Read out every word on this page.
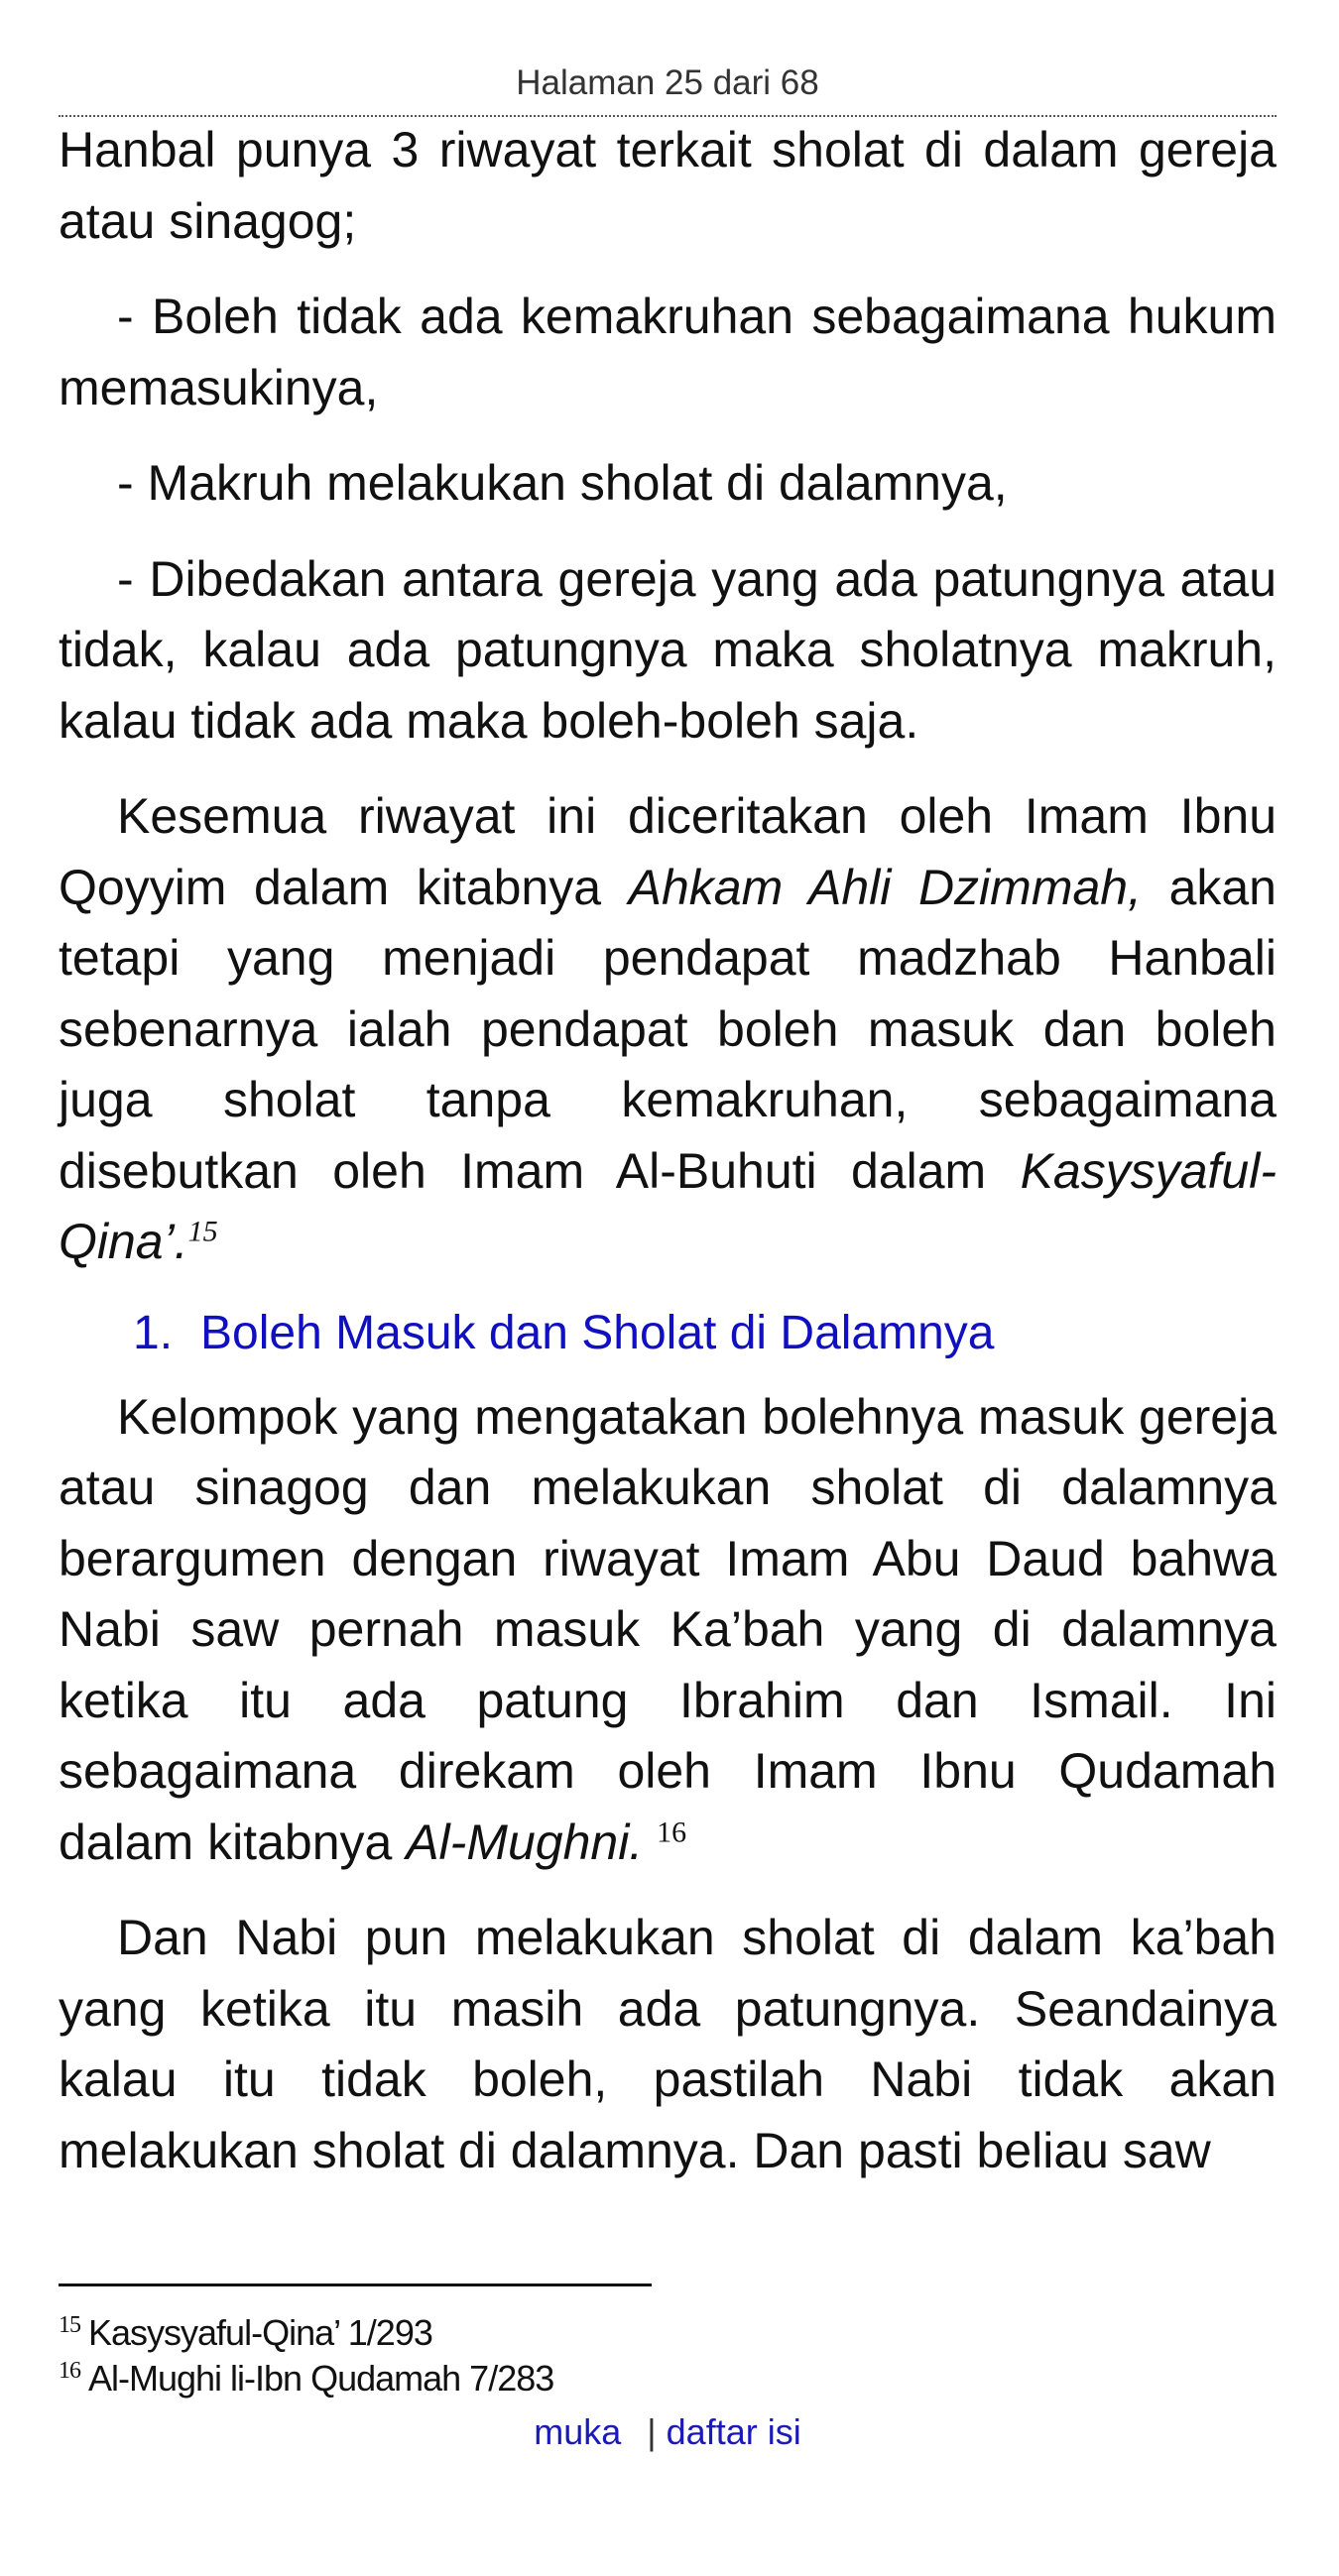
Halaman 25 dari 68

Hanbal punya 3 riwayat terkait sholat di dalam gereja atau sinagog;

- Boleh tidak ada kemakruhan sebagaimana hukum memasukinya,

- Makruh melakukan sholat di dalamnya,

- Dibedakan antara gereja yang ada patungnya atau tidak, kalau ada patungnya maka sholatnya makruh, kalau tidak ada maka boleh-boleh saja.

Kesemua riwayat ini diceritakan oleh Imam Ibnu Qoyyim dalam kitabnya Ahkam Ahli Dzimmah, akan tetapi yang menjadi pendapat madzhab Hanbali sebenarnya ialah pendapat boleh masuk dan boleh juga sholat tanpa kemakruhan, sebagaimana disebutkan oleh Imam Al-Buhuti dalam Kasysyaful-Qina’.$^{15}$

1. Boleh Masuk dan Sholat di Dalamnya

Kelompok yang mengatakan bolehnya masuk gereja atau sinagog dan melakukan sholat di dalamnya berargumen dengan riwayat Imam Abu Daud bahwa Nabi saw pernah masuk Ka’bah yang di dalamnya ketika itu ada patung Ibrahim dan Ismail. Ini sebagaimana direkam oleh Imam Ibnu Qudamah dalam kitabnya Al-Mughni. $^{16}$

Dan Nabi pun melakukan sholat di dalam ka’bah yang ketika itu masih ada patungnya. Seandainya kalau itu tidak boleh, pastilah Nabi tidak akan melakukan sholat di dalamnya. Dan pasti beliau saw

$^{15}$ Kasysyaful-Qina’ 1/293
$^{16}$ Al-Mughi li-Ibn Qudamah 7/283
muka | daftar isi
